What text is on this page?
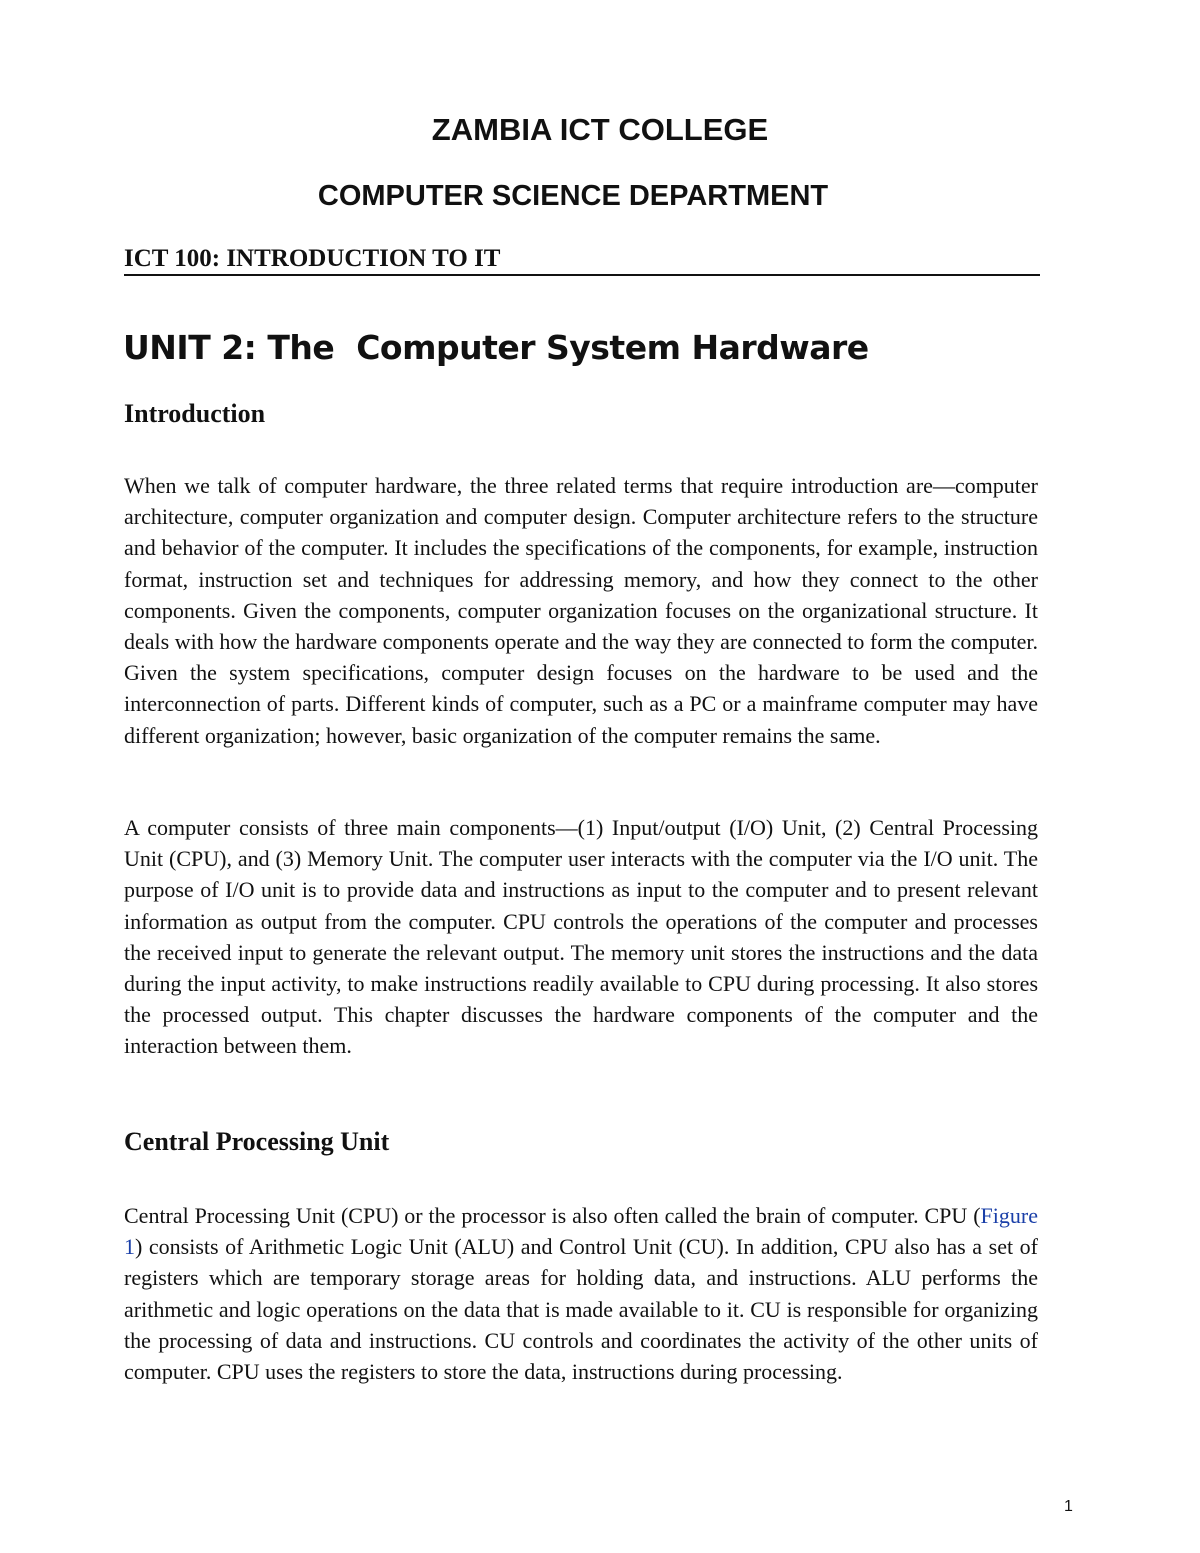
ZAMBIA ICT COLLEGE
COMPUTER SCIENCE DEPARTMENT
ICT 100: INTRODUCTION TO IT
UNIT 2: The  Computer System Hardware
Introduction
When we talk of computer hardware, the three related terms that require introduction are—computer architecture, computer organization and computer design. Computer architecture refers to the structure and behavior of the computer. It includes the specifications of the components, for example, instruction format, instruction set and techniques for addressing memory, and how they connect to the other components. Given the components, computer organization focuses on the organizational structure. It deals with how the hardware components operate and the way they are connected to form the computer. Given the system specifications, computer design focuses on the hardware to be used and the interconnection of parts. Different kinds of computer, such as a PC or a mainframe computer may have different organization; however, basic organization of the computer remains the same.
A computer consists of three main components—(1) Input/output (I/O) Unit, (2) Central Processing Unit (CPU), and (3) Memory Unit. The computer user interacts with the computer via the I/O unit. The purpose of I/O unit is to provide data and instructions as input to the computer and to present relevant information as output from the computer. CPU controls the operations of the computer and processes the received input to generate the relevant output. The memory unit stores the instructions and the data during the input activity, to make instructions readily available to CPU during processing. It also stores the processed output. This chapter discusses the hardware components of the computer and the interaction between them.
Central Processing Unit
Central Processing Unit (CPU) or the processor is also often called the brain of computer. CPU (Figure 1) consists of Arithmetic Logic Unit (ALU) and Control Unit (CU). In addition, CPU also has a set of registers which are temporary storage areas for holding data, and instructions. ALU performs the arithmetic and logic operations on the data that is made available to it. CU is responsible for organizing the processing of data and instructions. CU controls and coordinates the activity of the other units of computer. CPU uses the registers to store the data, instructions during processing.
1
